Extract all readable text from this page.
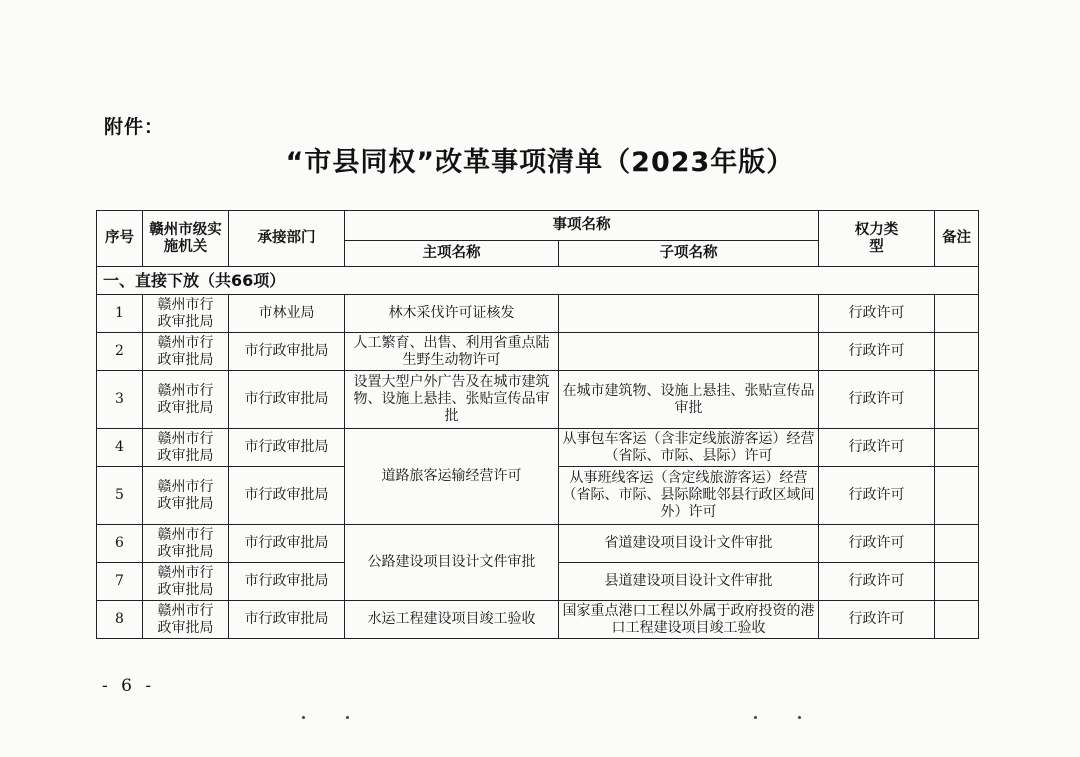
附件：
“市县同权”改革事项清单（2023年版）
序号	赣州市级实施机关	承接部门	事项名称		权力类型	备注
			主项名称	子项名称		
一、直接下放（共66项）						
1	赣州市行政审批局	市林业局	林木采伐许可证核发		行政许可	
2	赣州市行政审批局	市行政审批局	人工繁育、出售、利用省重点陆生野生动物许可		行政许可	
3	赣州市行政审批局	市行政审批局	设置大型户外广告及在城市建筑物、设施上悬挂、张贴宣传品审批	在城市建筑物、设施上悬挂、张贴宣传品审批	行政许可	
4	赣州市行政审批局	市行政审批局	道路旅客运输经营许可	从事包车客运（含非定线旅游客运）经营（省际、市际、县际）许可	行政许可	
5	赣州市行政审批局	市行政审批局		从事班线客运（含定线旅游客运）经营（省际、市际、县际除毗邻县行政区域间外）许可	行政许可	
6	赣州市行政审批局	市行政审批局	公路建设项目设计文件审批	省道建设项目设计文件审批	行政许可	
7	赣州市行政审批局	市行政审批局		县道建设项目设计文件审批	行政许可	
8	赣州市行政审批局	市行政审批局	水运工程建设项目竣工验收	国家重点港口工程以外属于政府投资的港口工程建设项目竣工验收	行政许可	
- 6 -
